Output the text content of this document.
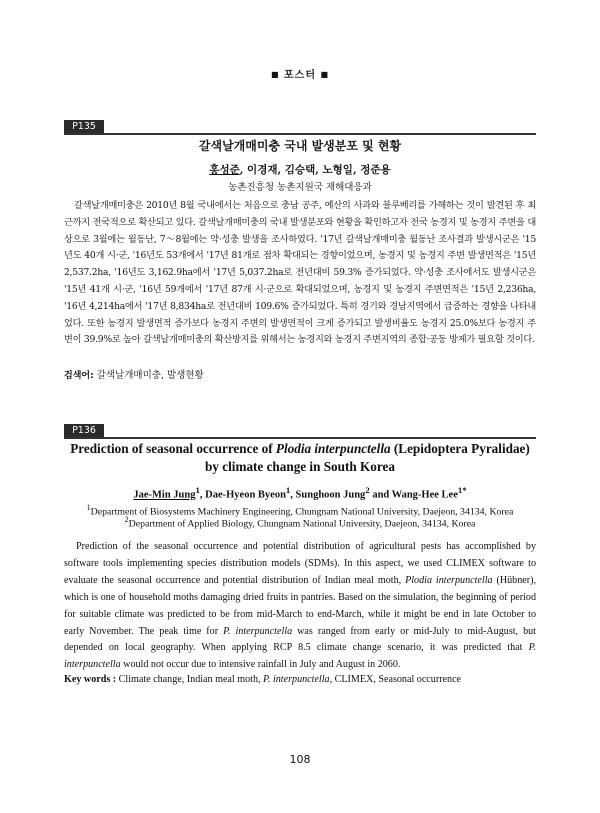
■ 포스터 ■
P135
갈색날개매미충 국내 발생분포 및 현황
홍성준, 이경재, 김승택, 노형일, 정준용
농촌진흥청 농촌지원국 재해대응과

갈색날개매미충은 2010년 8월 국내에서는 처음으로 충남 공주, 예산의 사과와 블루베리를 가해하는 것이 발견된 후 최근까지 전국적으로 확산되고 있다. 갈색날개매미충의 국내 발생분포와 현황을 확인하고자 전국 농경지 및 농경지 주변을 대상으로 3월에는 월동난, 7～8월에는 약·성충 발생을 조사하였다. '17년 갈색날개매미충 월동난 조사결과 발생시군은 '15년도 40개 시·군, '16년도 53개에서 '17년 81개로 점차 확대되는 경향이었으며, 농경지 및 농경지 주변 발생면적은 '15년 2,537.2ha, '16년도 3,162.9ha에서 '17년 5,037.2ha로 전년대비 59.3% 증가되었다. 약·성충 조사에서도 발생시군은 '15년 41개 시·군, '16년 59개에서 '17년 87개 시·군으로 확대되었으며, 농경지 및 농경지 주변면적은 '15년 2,236ha, '16년 4,214ha에서 '17년 8,834ha로 전년대비 109.6% 증가되었다. 특히 경기와 경남지역에서 급증하는 경향을 나타내었다. 또한 농경지 발생면적 증가보다 농경지 주변의 발생면적이 크게 증가되고 발생비율도 농경지 25.0%보다 농경지 주변이 39.9%로 높아 갈색날개매미충의 확산방지를 위해서는 농경지와 농경지 주변지역의 종합·공동 방제가 필요할 것이다.

검색어: 갈색날개매미충, 발생현황
P136
Prediction of seasonal occurrence of Plodia interpunctella (Lepidoptera Pyralidae) by climate change in South Korea
Jae-Min Jung$^1$, Dae-Hyeon Byeon$^1$, Sunghoon Jung$^2$ and Wang-Hee Lee$^{1*}$
$^1$Department of Biosystems Machinery Engineering, Chungnam National University, Daejeon, 34134, Korea
$^2$Department of Applied Biology, Chungnam National University, Daejeon, 34134, Korea

Prediction of the seasonal occurrence and potential distribution of agricultural pests has accomplished by software tools implementing species distribution models (SDMs). In this aspect, we used CLIMEX software to evaluate the seasonal occurrence and potential distribution of Indian meal moth, Plodia interpunctella (Hübner), which is one of household moths damaging dried fruits in pantries. Based on the simulation, the beginning of period for suitable climate was predicted to be from mid-March to end-March, while it might be end in late October to early November. The peak time for P. interpunctella was ranged from early or mid-July to mid-August, but depended on local geography. When applying RCP 8.5 climate change scenario, it was predicted that P. interpunctella would not occur due to intensive rainfall in July and August in 2060.

Key words : Climate change, Indian meal moth, P. interpunctella, CLIMEX, Seasonal occurrence
108
